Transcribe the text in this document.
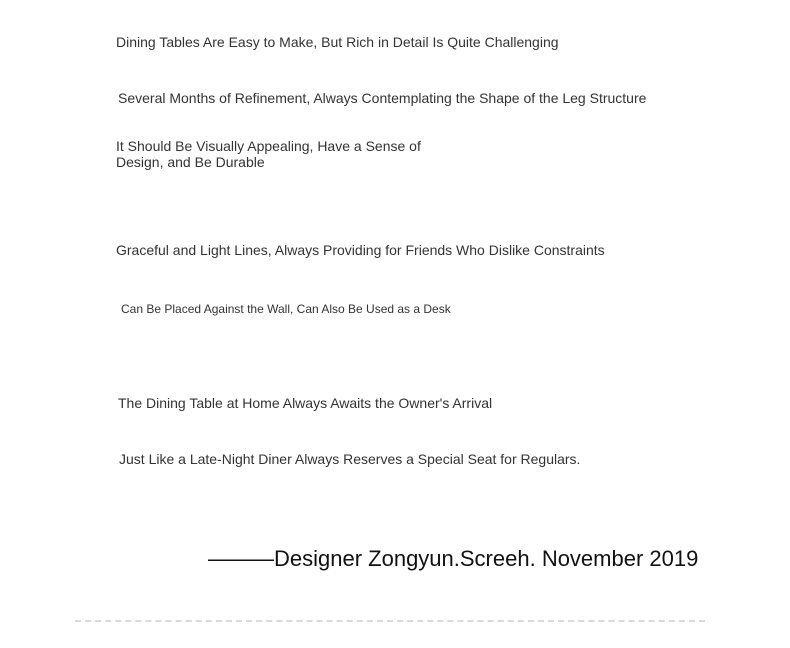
Dining Tables Are Easy to Make, But Rich in Detail Is Quite Challenging

Several Months of Refinement, Always Contemplating the Shape of the Leg Structure

It Should Be Visually Appealing, Have a Sense of Design, and Be Durable

Graceful and Light Lines, Always Providing for Friends Who Dislike Constraints

Can Be Placed Against the Wall, Can Also Be Used as a Desk

The Dining Table at Home Always Awaits the Owner's Arrival

Just Like a Late-Night Diner Always Reserves a Special Seat for Regulars.

———Designer Zongyun.Screeh. November 2019
